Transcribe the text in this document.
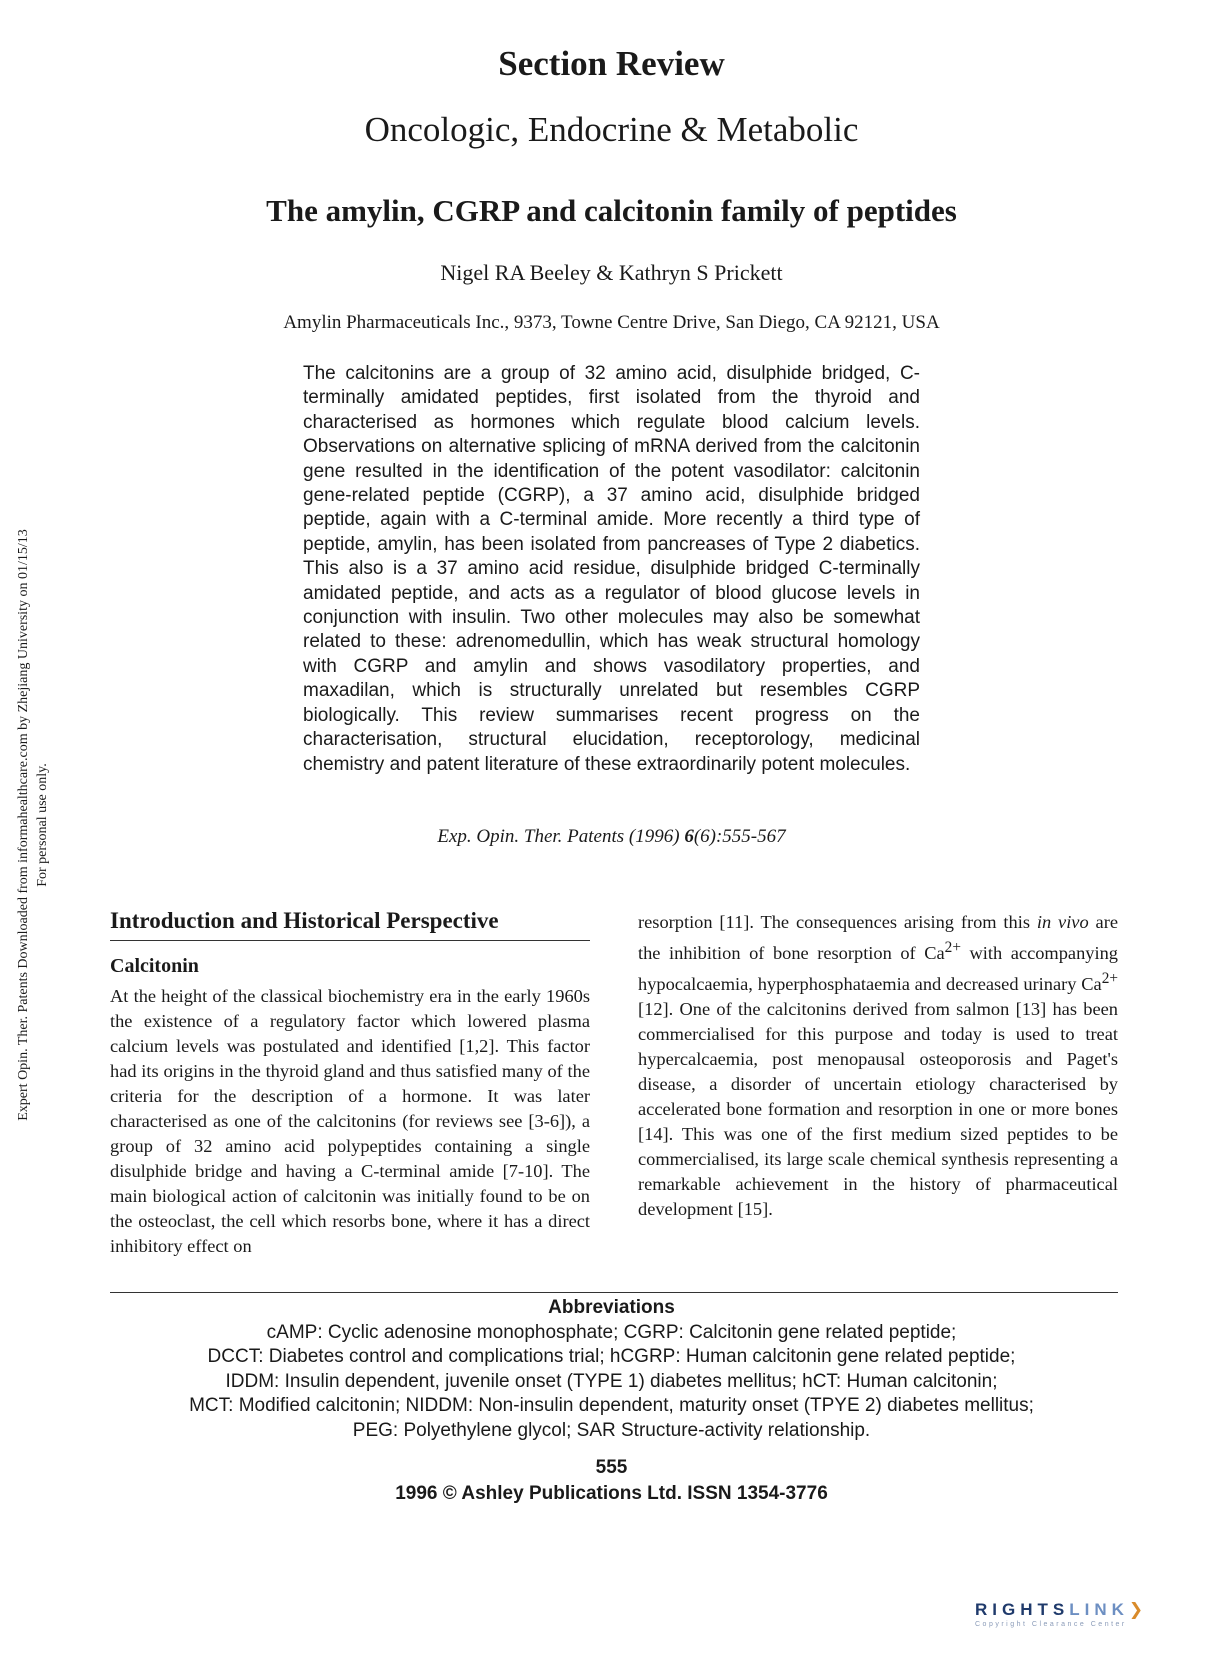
Section Review
Oncologic, Endocrine & Metabolic
The amylin, CGRP and calcitonin family of peptides
Nigel RA Beeley & Kathryn S Prickett
Amylin Pharmaceuticals Inc., 9373, Towne Centre Drive, San Diego, CA 92121, USA

The calcitonins are a group of 32 amino acid, disulphide bridged, C-terminally amidated peptides, first isolated from the thyroid and characterised as hormones which regulate blood calcium levels. Observations on alternative splicing of mRNA derived from the calcitonin gene resulted in the identification of the potent vasodilator: calcitonin gene-related peptide (CGRP), a 37 amino acid, disulphide bridged peptide, again with a C-terminal amide. More recently a third type of peptide, amylin, has been isolated from pancreases of Type 2 diabetics. This also is a 37 amino acid residue, disulphide bridged C-terminally amidated peptide, and acts as a regulator of blood glucose levels in conjunction with insulin. Two other molecules may also be somewhat related to these: adrenomedullin, which has weak structural homology with CGRP and amylin and shows vasodilatory properties, and maxadilan, which is structurally unrelated but resembles CGRP biologically. This review summarises recent progress on the characterisation, structural elucidation, receptorology, medicinal chemistry and patent literature of these extraordinarily potent molecules.

Exp. Opin. Ther. Patents (1996) 6(6):555-567
Expert Opin. Ther. Patents Downloaded from informahealthcare.com by Zhejiang University on 01/15/13 For personal use only.
Introduction and Historical Perspective
Calcitonin

At the height of the classical biochemistry era in the early 1960s the existence of a regulatory factor which lowered plasma calcium levels was postulated and identified [1,2]. This factor had its origins in the thyroid gland and thus satisfied many of the criteria for the description of a hormone. It was later characterised as one of the calcitonins (for reviews see [3-6]), a group of 32 amino acid polypeptides containing a single disulphide bridge and having a C-terminal amide [7-10]. The main biological action of calcitonin was initially found to be on the osteoclast, the cell which resorbs bone, where it has a direct inhibitory effect on

resorption [11]. The consequences arising from this in vivo are the inhibition of bone resorption of $Ca^{2+}$ with accompanying hypocalcaemia, hyperphosphataemia and decreased urinary $Ca^{2+}$ [12]. One of the calcitonins derived from salmon [13] has been commercialised for this purpose and today is used to treat hypercalcaemia, post menopausal osteoporosis and Paget's disease, a disorder of uncertain etiology characterised by accelerated bone formation and resorption in one or more bones [14]. This was one of the first medium sized peptides to be commercialised, its large scale chemical synthesis representing a remarkable achievement in the history of pharmaceutical development [15].

Abbreviations
cAMP: Cyclic adenosine monophosphate; CGRP: Calcitonin gene related peptide;
DCCT: Diabetes control and complications trial; hCGRP: Human calcitonin gene related peptide;
IDDM: Insulin dependent, juvenile onset (TYPE 1) diabetes mellitus; hCT: Human calcitonin;
MCT: Modified calcitonin; NIDDM: Non-insulin dependent, maturity onset (TPYE 2) diabetes mellitus;
PEG: Polyethylene glycol; SAR Structure-activity relationship.
555
1996 © Ashley Publications Ltd. ISSN 1354-3776
RIGHTSLINK❯
Copyright Clearance Center
